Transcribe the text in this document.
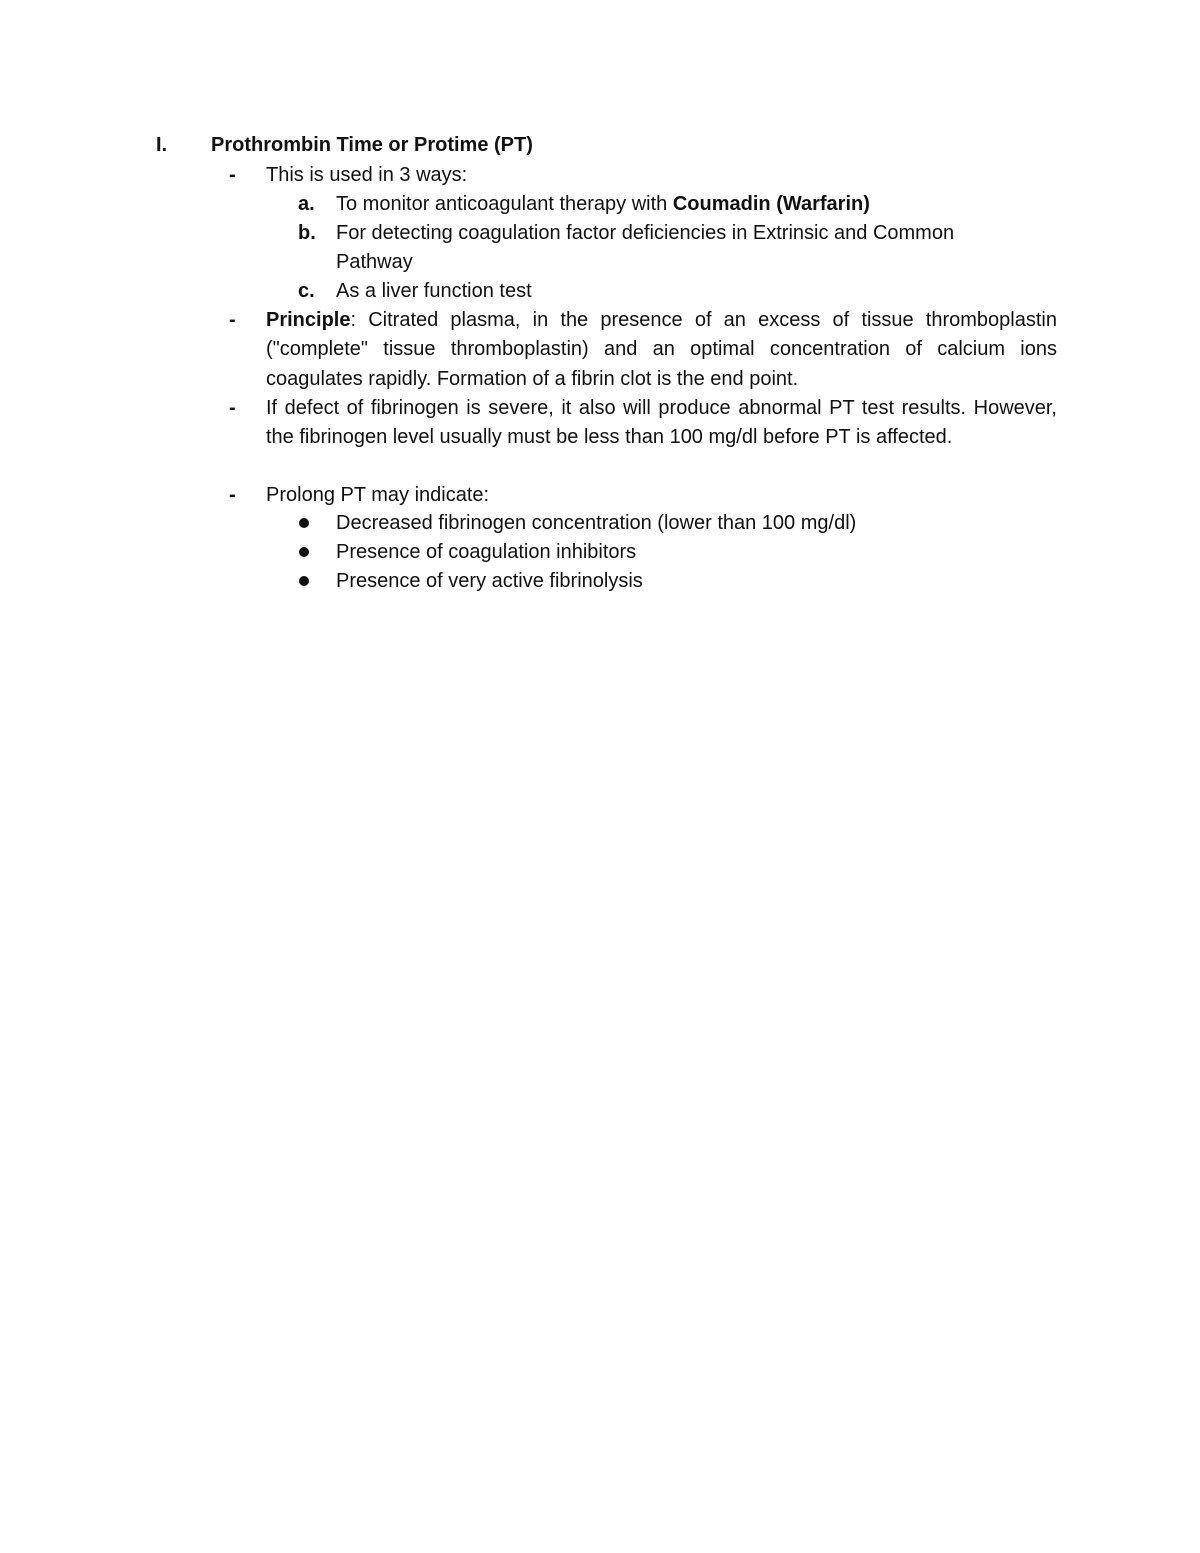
I. Prothrombin Time or Protime (PT)
- This is used in 3 ways:
a. To monitor anticoagulant therapy with Coumadin (Warfarin)
b. For detecting coagulation factor deficiencies in Extrinsic and Common
Pathway
c. As a liver function test
- Principle: Citrated plasma, in the presence of an excess of tissue thromboplastin ("complete" tissue thromboplastin) and an optimal concentration of calcium ions coagulates rapidly. Formation of a fibrin clot is the end point.
- If defect of fibrinogen is severe, it also will produce abnormal PT test results. However, the fibrinogen level usually must be less than 100 mg/dl before PT is affected.
- Prolong PT may indicate:
Decreased fibrinogen concentration (lower than 100 mg/dl)
Presence of coagulation inhibitors
Presence of very active fibrinolysis
